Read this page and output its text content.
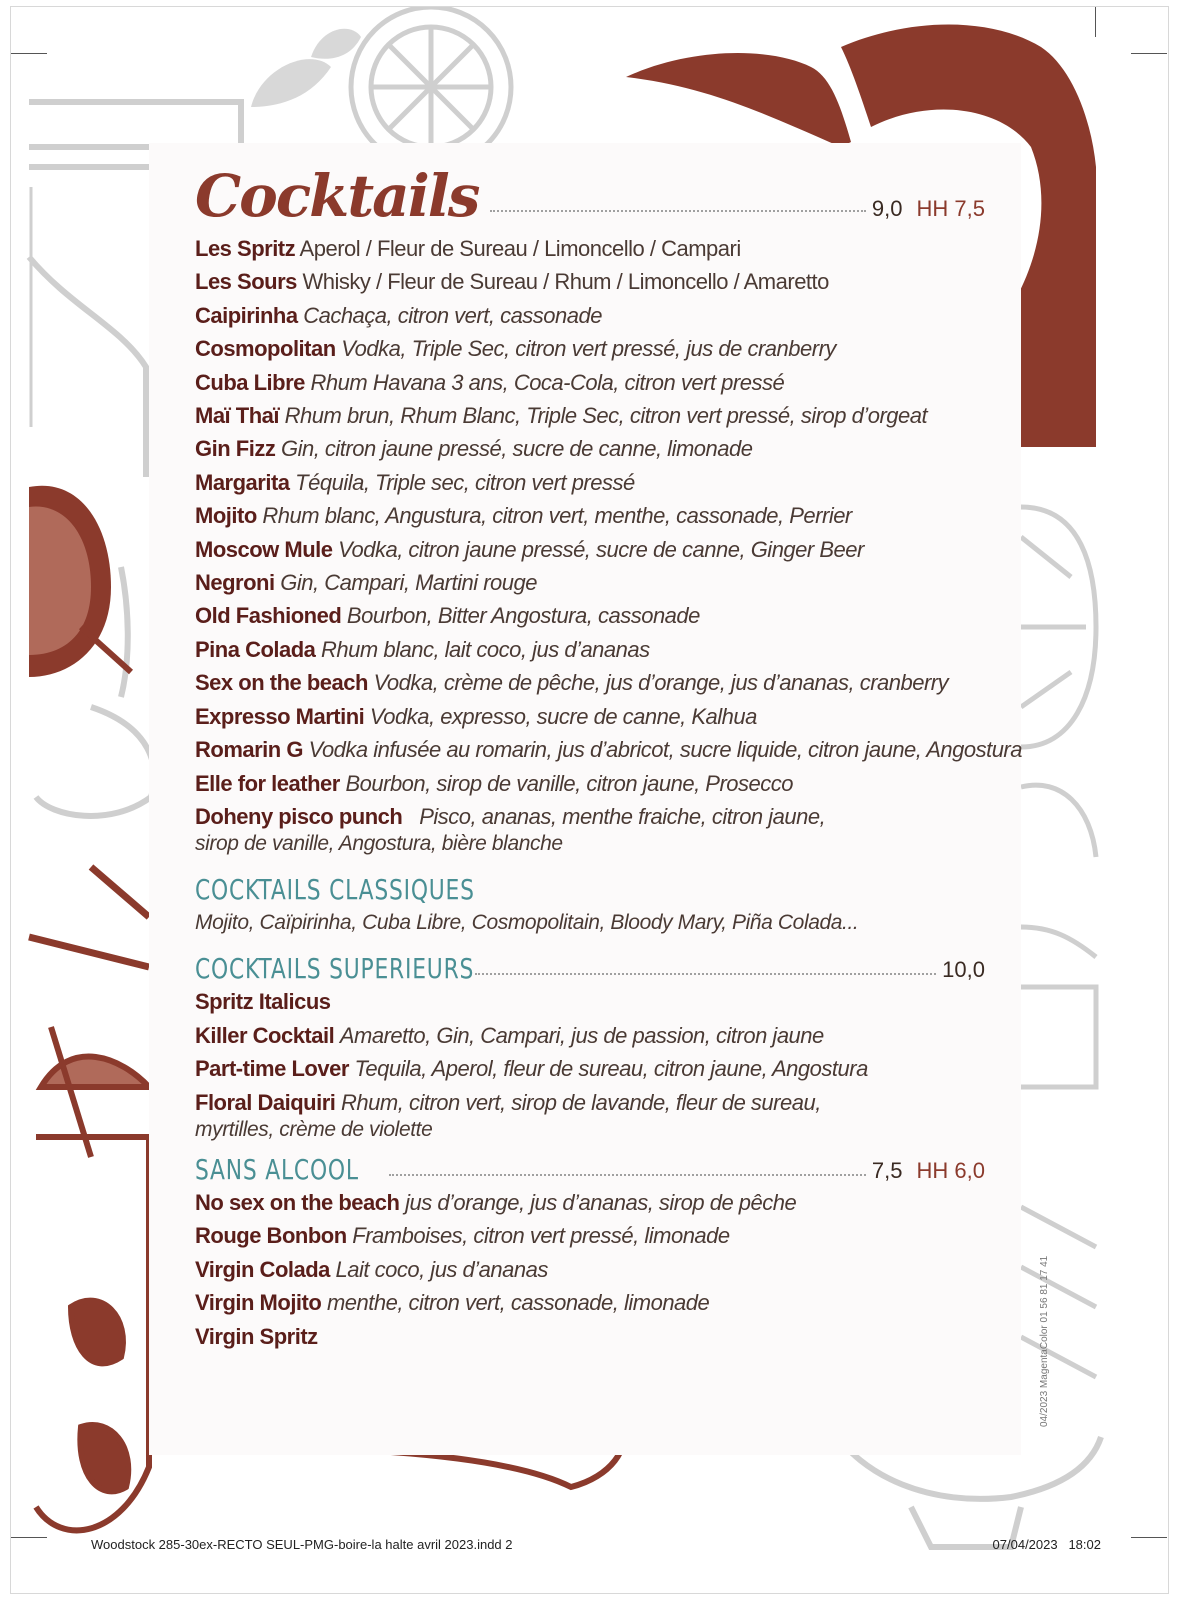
Woodstock 285-30ex-RECTO SEUL-PMG-boire-la halte avril 2023.indd 2	07/04/2023 18:02
04/2023 MagentaColor 01 56 81 17 41
Cocktails	9,0 HH 7,5
Les Spritz Aperol / Fleur de Sureau / Limoncello / Campari
Les Sours Whisky / Fleur de Sureau / Rhum / Limoncello / Amaretto
Caipirinha Cachaça, citron vert, cassonade
Cosmopolitan Vodka, Triple Sec, citron vert pressé, jus de cranberry
Cuba Libre Rhum Havana 3 ans, Coca-Cola, citron vert pressé
Maï Thaï Rhum brun, Rhum Blanc, Triple Sec, citron vert pressé, sirop d’orgeat
Gin Fizz Gin, citron jaune pressé, sucre de canne, limonade
Margarita Téquila, Triple sec, citron vert pressé
Mojito Rhum blanc, Angustura, citron vert, menthe, cassonade, Perrier
Moscow Mule Vodka, citron jaune pressé, sucre de canne, Ginger Beer
Negroni Gin, Campari, Martini rouge
Old Fashioned Bourbon, Bitter Angostura, cassonade
Pina Colada Rhum blanc, lait coco, jus d’ananas
Sex on the beach Vodka, crème de pêche, jus d’orange, jus d’ananas, cranberry
Expresso Martini Vodka, expresso, sucre de canne, Kalhua
Romarin G Vodka infusée au romarin, jus d’abricot, sucre liquide, citron jaune, Angostura
Elle for leather Bourbon, sirop de vanille, citron jaune, Prosecco
Doheny pisco punch Pisco, ananas, menthe fraiche, citron jaune,
sirop de vanille, Angostura, bière blanche
COCKTAILS CLASSIQUES
Mojito, Caïpirinha, Cuba Libre, Cosmopolitain, Bloody Mary, Piña Colada...
COCKTAILS SUPERIEURS	10,0
Spritz Italicus
Killer Cocktail Amaretto, Gin, Campari, jus de passion, citron jaune
Part-time Lover Tequila, Aperol, fleur de sureau, citron jaune, Angostura
Floral Daiquiri Rhum, citron vert, sirop de lavande, fleur de sureau,
myrtilles, crème de violette
SANS ALCOOL	7,5 HH 6,0
No sex on the beach jus d’orange, jus d’ananas, sirop de pêche
Rouge Bonbon Framboises, citron vert pressé, limonade
Virgin Colada Lait coco, jus d’ananas
Virgin Mojito menthe, citron vert, cassonade, limonade
Virgin Spritz
